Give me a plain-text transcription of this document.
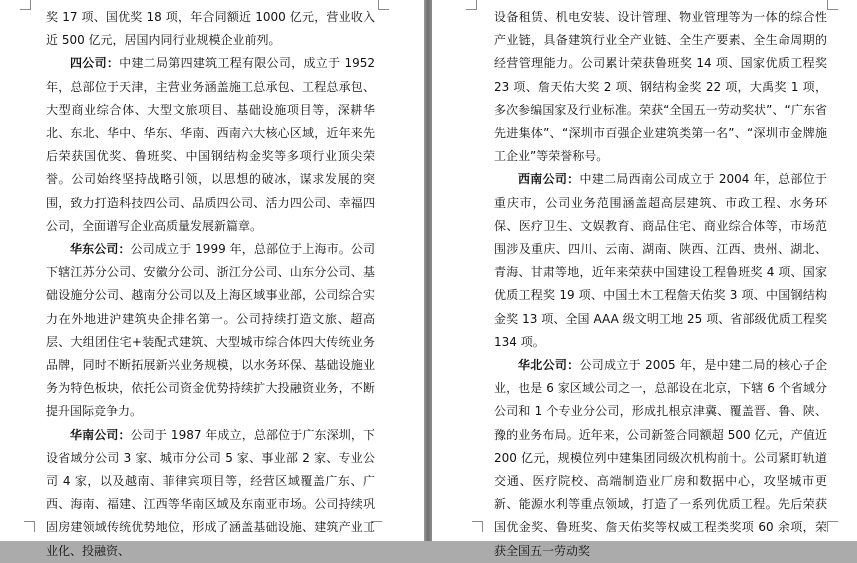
奖 17 项、国优奖 18 项，年合同额近 1000 亿元，营业收入近 500 亿元，居国内同行业规模企业前列。

四公司：中建二局第四建筑工程有限公司，成立于 1952 年，总部位于天津，主营业务涵盖施工总承包、工程总承包、大型商业综合体、大型文旅项目、基础设施项目等，深耕华北、东北、华中、华东、华南、西南六大核心区域，近年来先后荣获国优奖、鲁班奖、中国钢结构金奖等多项行业顶尖荣誉。公司始终坚持战略引领，以思想的破冰，谋求发展的突围，致力打造科技四公司、品质四公司、活力四公司、幸福四公司，全面谱写企业高质量发展新篇章。

华东公司：公司成立于 1999 年，总部位于上海市。公司下辖江苏分公司、安徽分公司、浙江分公司、山东分公司、基础设施分公司、越南分公司以及上海区域事业部，公司综合实力在外地进沪建筑央企排名第一。公司持续打造文旅、超高层、大组团住宅+装配式建筑、大型城市综合体四大传统业务品牌，同时不断拓展新兴业务规模，以水务环保、基础设施业务为特色板块，依托公司资金优势持续扩大投融资业务，不断提升国际竞争力。

华南公司：公司于 1987 年成立，总部位于广东深圳，下设省域分公司 3 家、城市分公司 5 家、事业部 2 家、专业公司 4 家，以及越南、菲律宾项目等，经营区域覆盖广东、广西、海南、福建、江西等华南区域及东南亚市场。公司持续巩固房建领域传统优势地位，形成了涵盖基础设施、建筑产业工业化、投融资、

设备租赁、机电安装、设计管理、物业管理等为一体的综合性产业链，具备建筑行业全产业链、全生产要素、全生命周期的经营管理能力。公司累计荣获鲁班奖 14 项、国家优质工程奖 23 项、詹天佑大奖 2 项、钢结构金奖 22 项，大禹奖 1 项，多次参编国家及行业标准。荣获“全国五一劳动奖状”、“广东省先进集体”、“深圳市百强企业建筑类第一名”、“深圳市金牌施工企业”等荣誉称号。

西南公司：中建二局西南公司成立于 2004 年，总部位于重庆市，公司业务范围涵盖超高层建筑、市政工程、水务环保、医疗卫生、文娱教育、商品住宅、商业综合体等，市场范围涉及重庆、四川、云南、湖南、陕西、江西、贵州、湖北、青海、甘肃等地，近年来荣获中国建设工程鲁班奖 4 项、国家优质工程奖 19 项、中国土木工程詹天佑奖 3 项、中国钢结构金奖 13 项、全国 AAA 级文明工地 25 项、省部级优质工程奖 134 项。

华北公司：公司成立于 2005 年，是中建二局的核心子企业，也是 6 家区域公司之一，总部设在北京，下辖 6 个省域分公司和 1 个专业分公司，形成扎根京津冀、覆盖晋、鲁、陕、豫的业务布局。近年来，公司新签合同额超 500 亿元，产值近 200 亿元，规模位列中建集团同级次机构前十。公司紧盯轨道交通、医疗院校、高端制造业厂房和数据中心，攻坚城市更新、能源水利等重点领域，打造了一系列优质工程。先后荣获国优金奖、鲁班奖、詹天佑奖等权威工程类奖项 60 余项，荣获全国五一劳动奖
